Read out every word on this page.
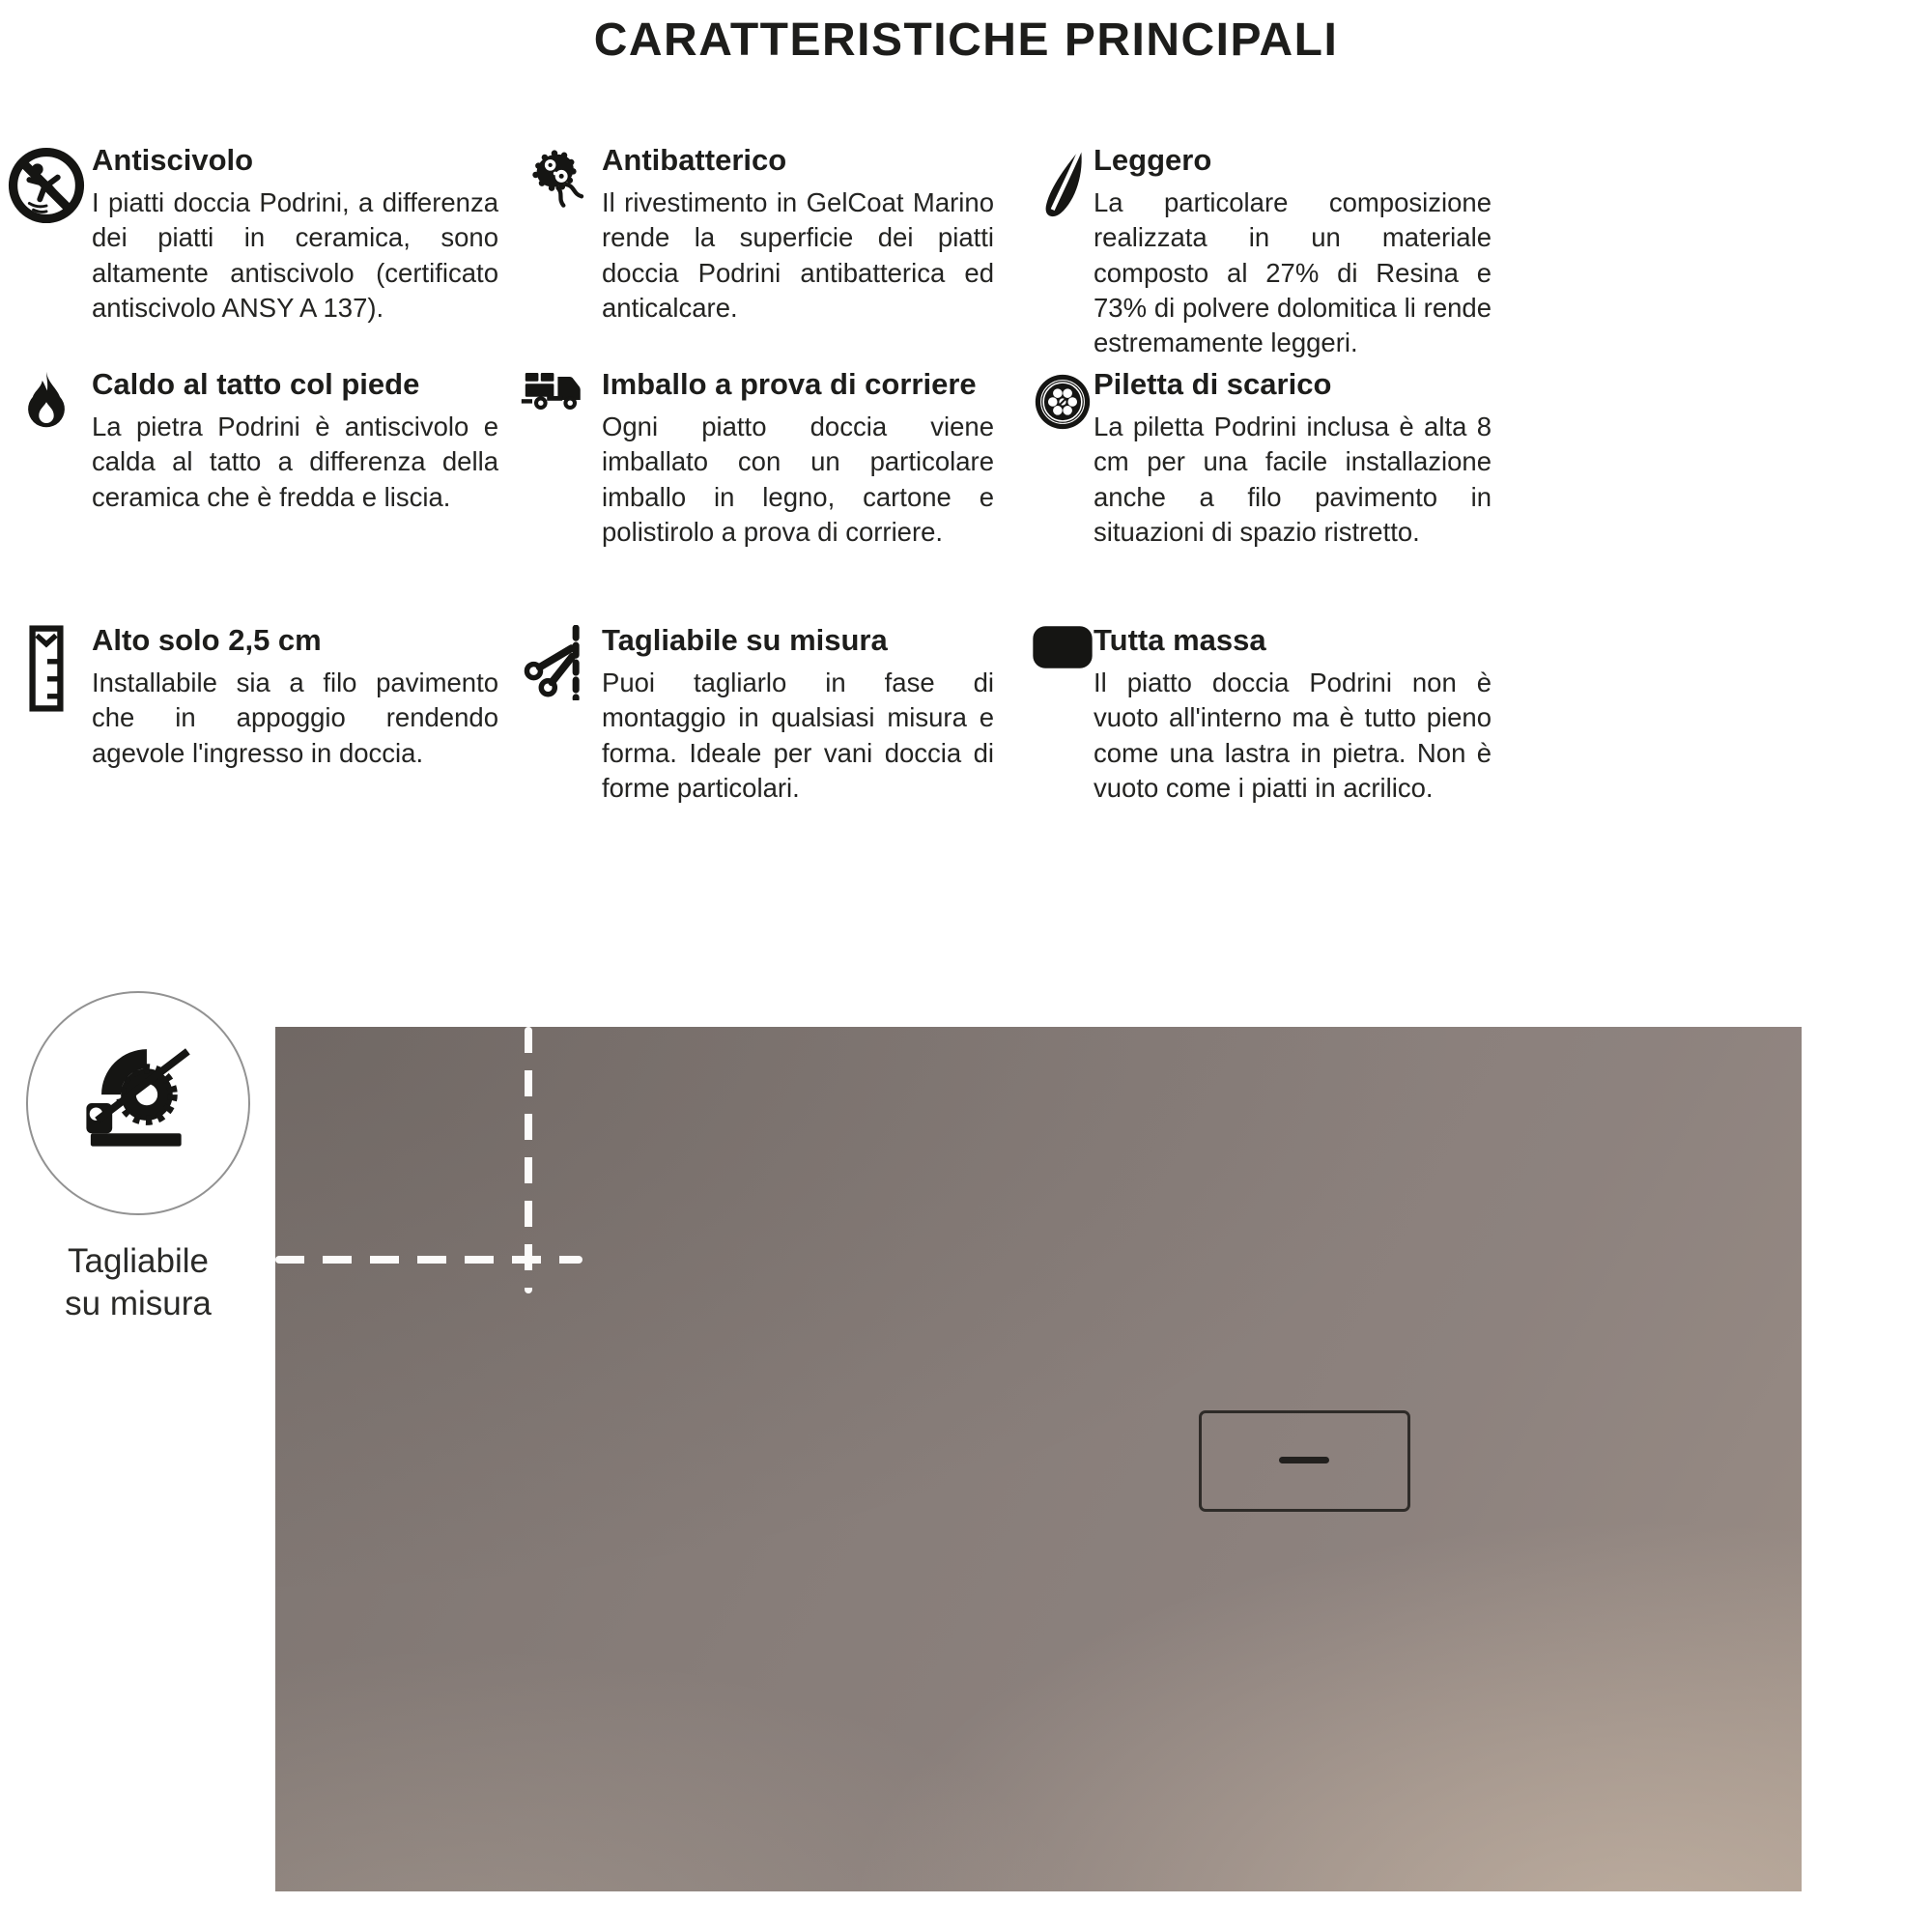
CARATTERISTICHE PRINCIPALI
Antiscivolo

I piatti doccia Podrini, a differenza dei piatti in ceramica, sono altamente antiscivolo (certificato antiscivolo ANSY A 137).

Antibatterico

Il rivestimento in GelCoat Marino rende la superficie dei piatti doccia Podrini antibatterica ed anticalcare.

Leggero

La particolare composizione realizzata in un materiale composto al 27% di Resina e 73% di polvere dolomitica li rende estremamente leggeri.

Caldo al tatto col piede

La pietra Podrini è antiscivolo e calda al tatto a differenza della ceramica che è fredda e liscia.

Imballo a prova di corriere

Ogni piatto doccia viene imballato con un particolare imballo in legno, cartone e polistirolo a prova di corriere.

Piletta di scarico

La piletta Podrini inclusa è alta 8 cm per una facile installazione anche a filo pavimento in situazioni di spazio ristretto.

Alto solo 2,5 cm

Installabile sia a filo pavimento che in appoggio rendendo agevole l'ingresso in doccia.

Tagliabile su misura

Puoi tagliarlo in fase di montaggio in qualsiasi misura e forma. Ideale per vani doccia di forme particolari.

Tutta massa

Il piatto doccia Podrini non è vuoto all'interno ma è tutto pieno come una lastra in pietra. Non è vuoto come i piatti in acrilico.

Tagliabile
su misura
